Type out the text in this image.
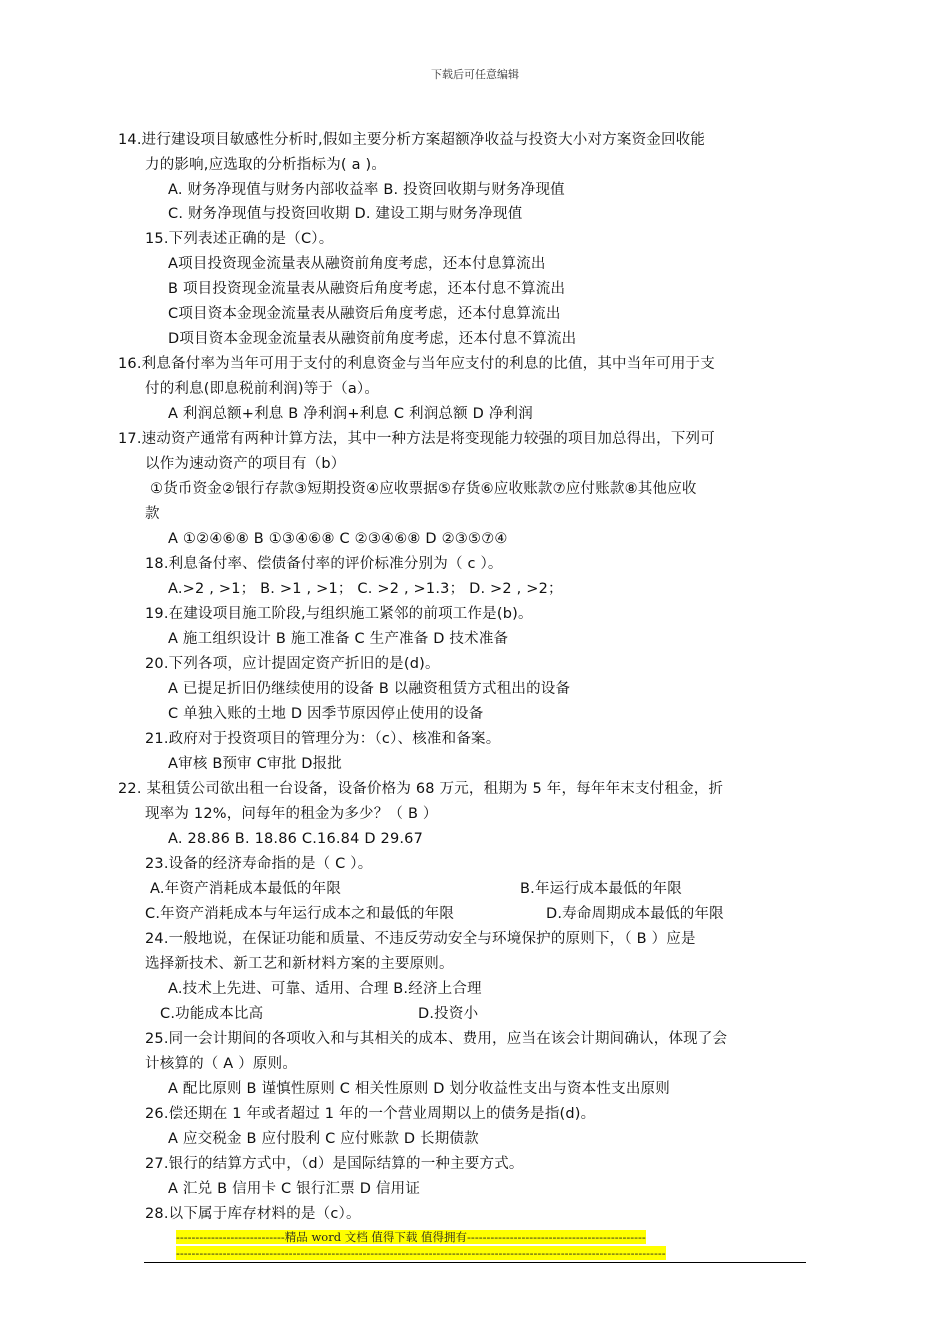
下载后可任意编辑
14.进行建设项目敏感性分析时,假如主要分析方案超额净收益与投资大小对方案资金回收能
力的影响,应选取的分析指标为( a )。
A. 财务净现值与财务内部收益率 B. 投资回收期与财务净现值
C. 财务净现值与投资回收期 D. 建设工期与财务净现值
15.下列表述正确的是（C）。
A项目投资现金流量表从融资前角度考虑，还本付息算流出
B 项目投资现金流量表从融资后角度考虑，还本付息不算流出
C项目资本金现金流量表从融资后角度考虑，还本付息算流出
D项目资本金现金流量表从融资前角度考虑，还本付息不算流出
16.利息备付率为当年可用于支付的利息资金与当年应支付的利息的比值，其中当年可用于支
付的利息(即息税前利润)等于（a）。
A 利润总额+利息 B 净利润+利息 C 利润总额 D 净利润
17.速动资产通常有两种计算方法，其中一种方法是将变现能力较强的项目加总得出，下列可
以作为速动资产的项目有（b）
①货币资金②银行存款③短期投资④应收票据⑤存货⑥应收账款⑦应付账款⑧其他应收
款
A ①②④⑥⑧ B ①③④⑥⑧ C ②③④⑥⑧ D ②③⑤⑦④
18.利息备付率、偿债备付率的评价标准分别为（ c ）。
A.>2 , >1； B. >1 , >1； C. >2 , >1.3； D. >2 , >2；
19.在建设项目施工阶段,与组织施工紧邻的前项工作是(b)。
A 施工组织设计 B 施工准备 C 生产准备 D 技术准备
20.下列各项，应计提固定资产折旧的是(d)。
A 已提足折旧仍继续使用的设备 B 以融资租赁方式租出的设备
C 单独入账的土地 D 因季节原因停止使用的设备
21.政府对于投资项目的管理分为：（c）、核准和备案。
A审核 B预审 C审批 D报批
22. 某租赁公司欲出租一台设备，设备价格为 68 万元，租期为 5 年，每年年末支付租金，折
现率为 12%，问每年的租金为多少？（ B ）
A. 28.86 B. 18.86 C.16.84 D 29.67
23.设备的经济寿命指的是（ C ）。
A.年资产消耗成本最低的年限	B.年运行成本最低的年限
C.年资产消耗成本与年运行成本之和最低的年限	D.寿命周期成本最低的年限
24.一般地说，在保证功能和质量、不违反劳动安全与环境保护的原则下，（ B ）应是
选择新技术、新工艺和新材料方案的主要原则。
A.技术上先进、可靠、适用、合理 B.经济上合理
C.功能成本比高	D.投资小
25.同一会计期间的各项收入和与其相关的成本、费用，应当在该会计期间确认，体现了会
计核算的（ A ）原则。
A 配比原则 B 谨慎性原则 C 相关性原则 D 划分收益性支出与资本性支出原则
26.偿还期在 1 年或者超过 1 年的一个营业周期以上的债务是指(d)。
A 应交税金 B 应付股利 C 应付账款 D 长期债款
27.银行的结算方式中，（d）是国际结算的一种主要方式。
A 汇兑 B 信用卡 C 银行汇票 D 信用证
28.以下属于库存材料的是（c）。
----------------------------精品 word 文档 值得下载 值得拥有----------------------------------------------
------------------------------------------------------------------------------------------------------------------------------
